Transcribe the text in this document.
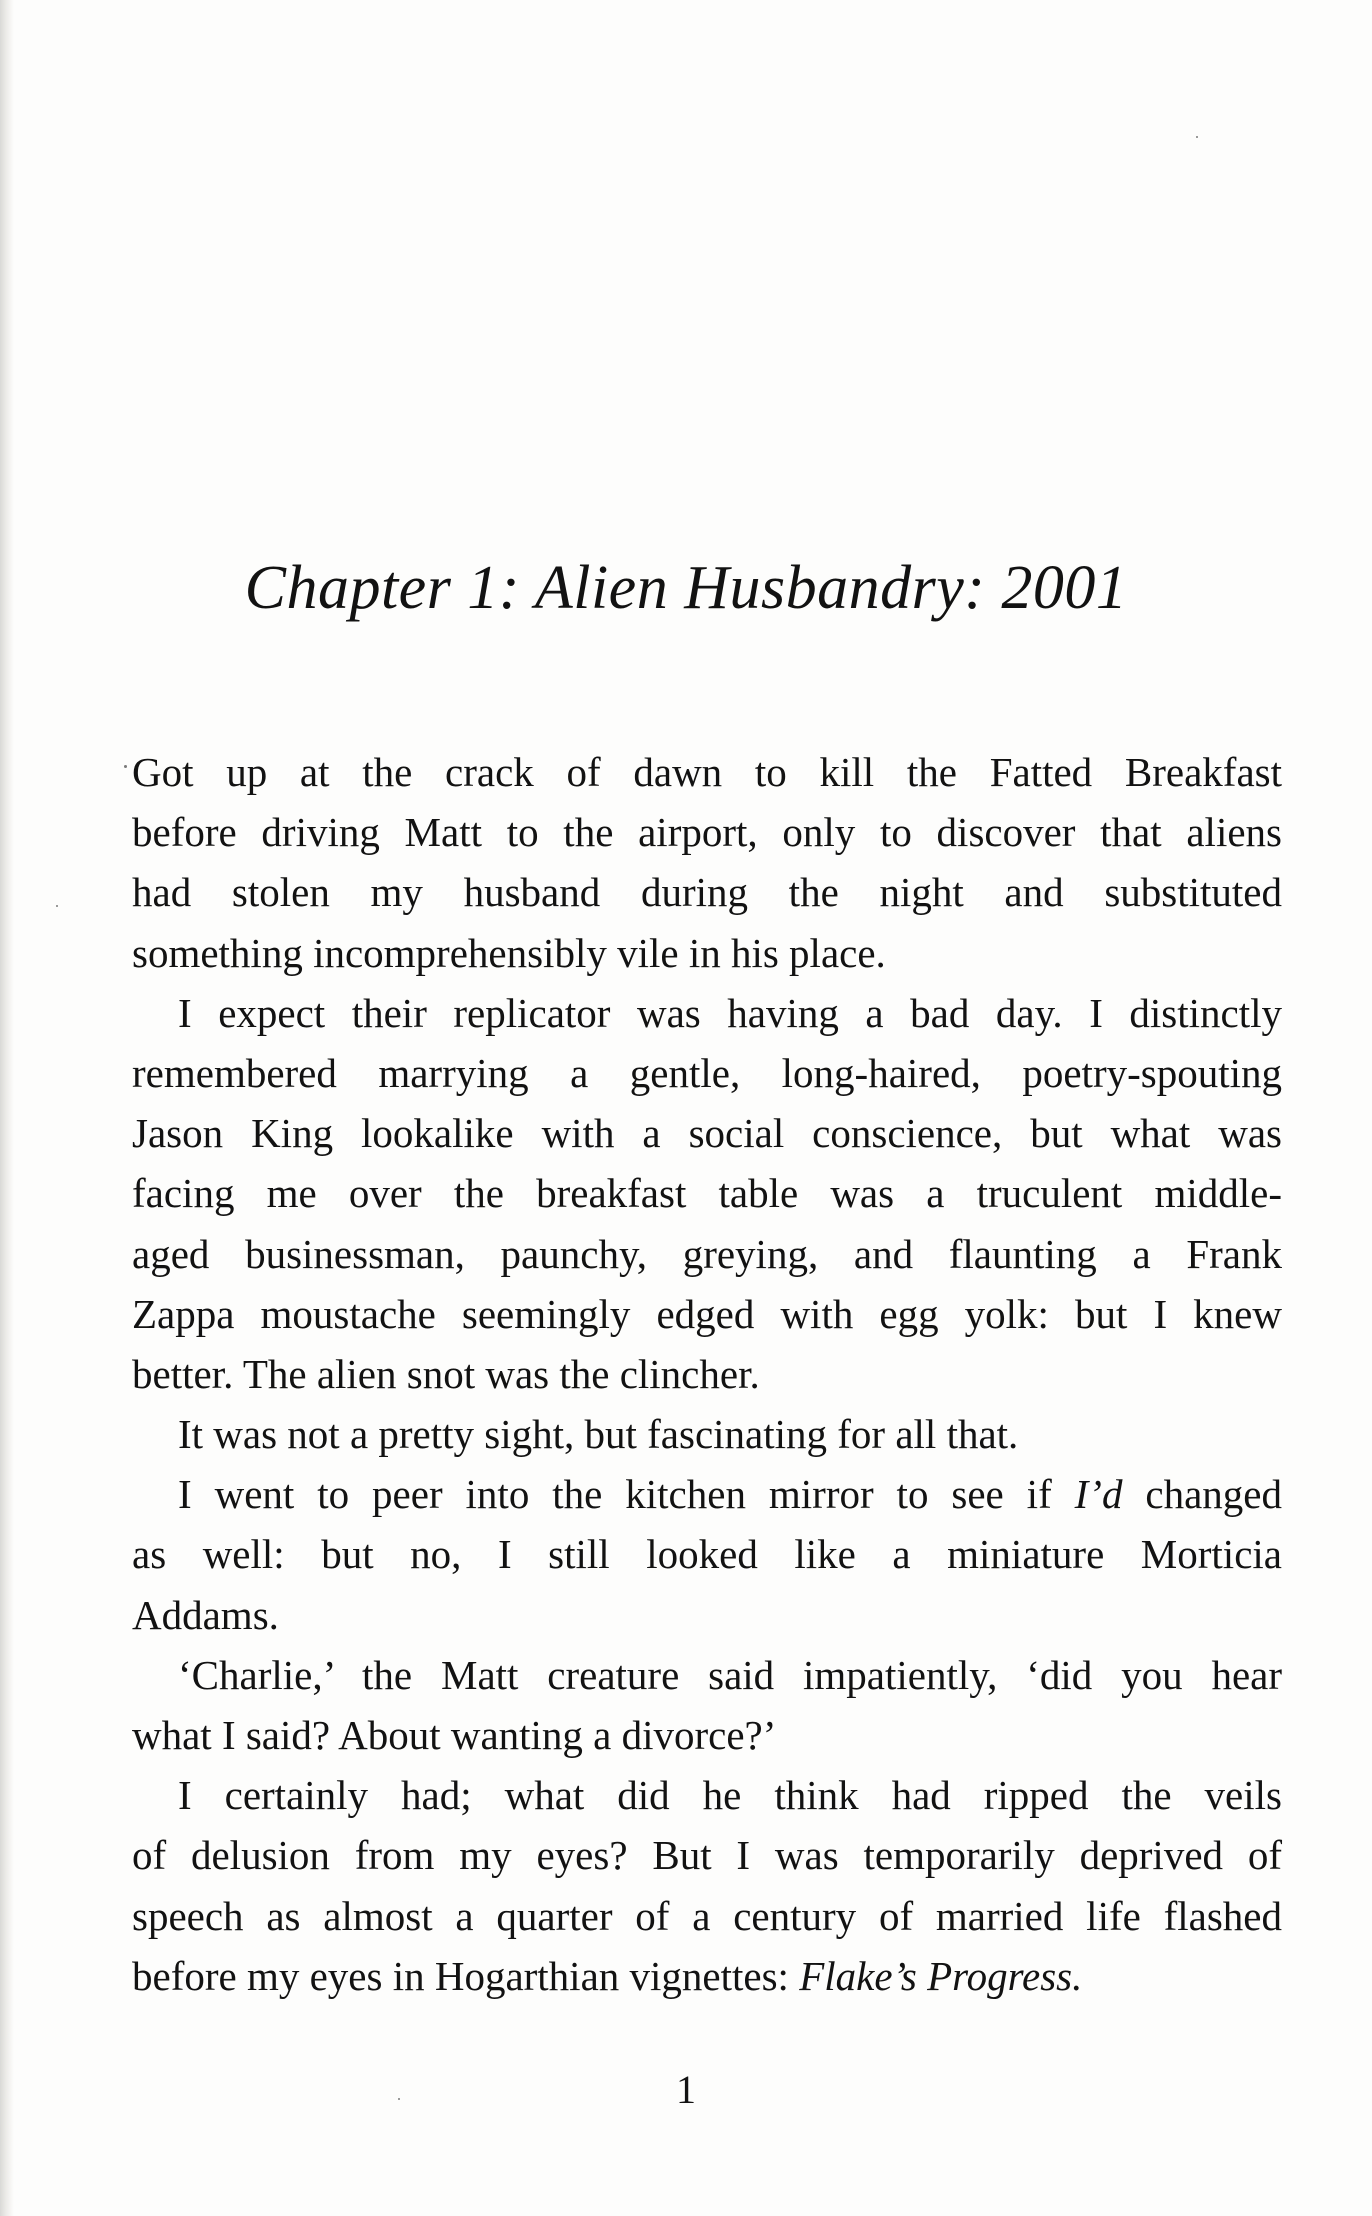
Chapter 1: Alien Husbandry: 2001
Got up at the crack of dawn to kill the Fatted Breakfast
before driving Matt to the airport, only to discover that aliens
had stolen my husband during the night and substituted
something incomprehensibly vile in his place.
I expect their replicator was having a bad day. I distinctly
remembered marrying a gentle, long-haired, poetry-spouting
Jason King lookalike with a social conscience, but what was
facing me over the breakfast table was a truculent middle-
aged businessman, paunchy, greying, and flaunting a Frank
Zappa moustache seemingly edged with egg yolk: but I knew
better. The alien snot was the clincher.
It was not a pretty sight, but fascinating for all that.
I went to peer into the kitchen mirror to see if I’d changed
as well: but no, I still looked like a miniature Morticia
Addams.
‘Charlie,’ the Matt creature said impatiently, ‘did you hear
what I said? About wanting a divorce?’
I certainly had; what did he think had ripped the veils
of delusion from my eyes? But I was temporarily deprived of
speech as almost a quarter of a century of married life flashed
before my eyes in Hogarthian vignettes: Flake’s Progress.
1
